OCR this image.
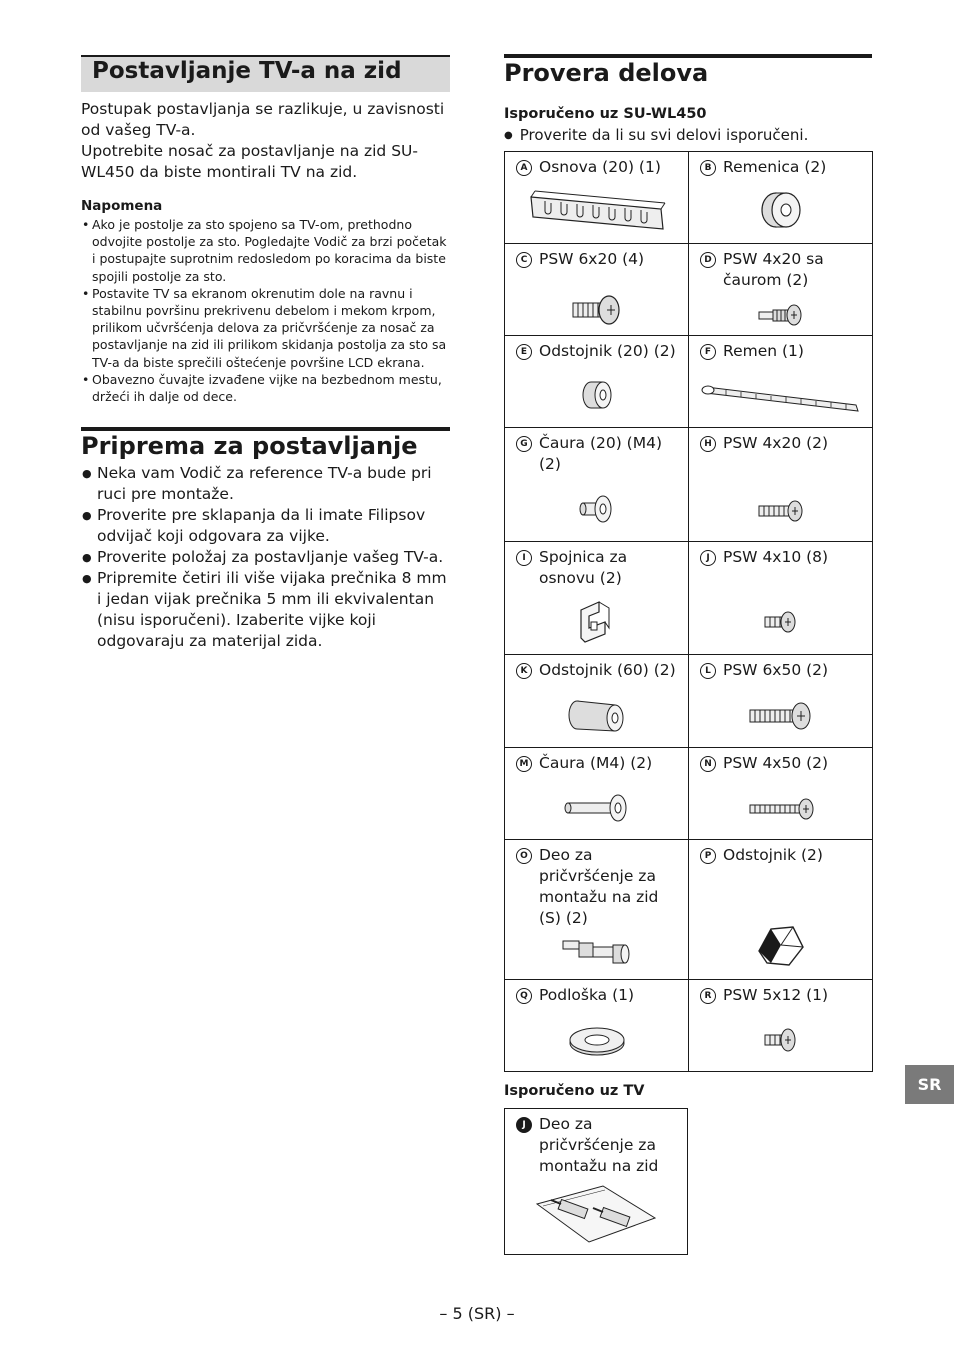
Postavljanje TV-a na zid

Postupak postavljanja se razlikuje, u zavisnosti od vašeg TV-a.

Upotrebite nosač za postavljanje na zid SU-WL450 da biste montirali TV na zid.

Napomena
• Ako je postolje za sto spojeno sa TV-om, prethodno odvojite postolje za sto. Pogledajte Vodič za brzi početak i postupajte suprotnim redosledom po koracima da biste spojili postolje za sto.
• Postavite TV sa ekranom okrenutim dole na ravnu i stabilnu površinu prekrivenu debelom i mekom krpom, prilikom učvršćenja delova za pričvršćenje za nosač za postavljanje na zid ili prilikom skidanja postolja za sto sa TV-a da biste sprečili oštećenje površine LCD ekrana.
• Obavezno čuvajte izvađene vijke na bezbednom mestu, držeći ih dalje od dece.
Priprema za postavljanje
● Neka vam Vodič za reference TV-a bude pri ruci pre montaže.
● Proverite pre sklapanja da li imate Filipsov odvijač koji odgovara za vijke.
● Proverite položaj za postavljanje vašeg TV-a.
● Pripremite četiri ili više vijaka prečnika 8 mm i jedan vijak prečnika 5 mm ili ekvivalentan (nisu isporučeni). Izaberite vijke koji odgovaraju za materijal zida.
Provera delova
Isporučeno uz SU-WL450
● Proverite da li su svi delovi isporučeni.
A Osnova (20) (1)	B Remenica (2)

C PSW 6x20 (4)	D PSW 4x20 sa čaurom (2)

E Odstojnik (20) (2)	F Remen (1)

G Čaura (20) (M4) (2)	H PSW 4x20 (2)

I Spojnica za osnovu (2)	J PSW 4x10 (8)

K Odstojnik (60) (2)	L PSW 6x50 (2)

M Čaura (M4) (2)	N PSW 4x50 (2)

O Deo za pričvršćenje za montažu na zid (S) (2)	P Odstojnik (2)

Q Podloška (1)	R PSW 5x12 (1)
Isporučeno uz TV
J Deo za pričvršćenje za montažu na zid
SR
– 5 (SR) –
